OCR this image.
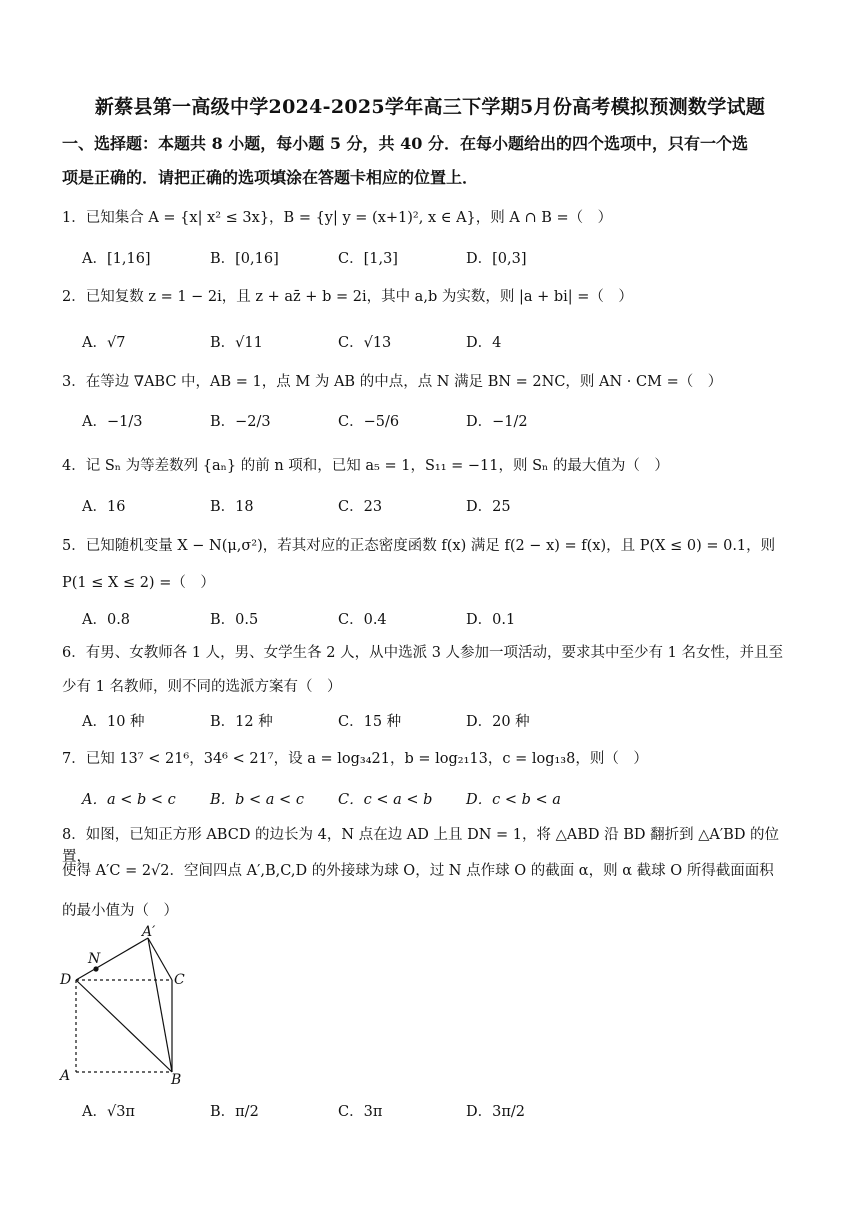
新蔡县第一高级中学2024-2025学年高三下学期5月份高考模拟预测数学试题
一、选择题：本题共 8 小题，每小题 5 分，共 40 分．在每小题给出的四个选项中，只有一个选
项是正确的．请把正确的选项填涂在答题卡相应的位置上．
1．已知集合 A = {x| x² ≤ 3x}，B = {y| y = (x+1)², x ∈ A}，则 A ∩ B =（　）
A．[1,16]	B．[0,16]	C．[1,3]	D．[0,3]
2．已知复数 z = 1 − 2i，且 z + az̄ + b = 2i，其中 a,b 为实数，则 |a + bi| =（　）
A．√7	B．√11	C．√13	D．4
3．在等边 ∇ABC 中，AB = 1，点 M 为 AB 的中点，点 N 满足 BN = 2NC，则 AN · CM =（　）
A．−1/3	B．−2/3	C．−5/6	D．−1/2
4．记 Sₙ 为等差数列 {aₙ} 的前 n 项和，已知 a₅ = 1，S₁₁ = −11，则 Sₙ 的最大值为（　）
A．16	B．18	C．23	D．25
5．已知随机变量 X − N(μ,σ²)，若其对应的正态密度函数 f(x) 满足 f(2 − x) = f(x)，且 P(X ≤ 0) = 0.1，则
P(1 ≤ X ≤ 2) =（　）
A．0.8	B．0.5	C．0.4	D．0.1
6．有男、女教师各 1 人，男、女学生各 2 人，从中选派 3 人参加一项活动，要求其中至少有 1 名女性，并且至
少有 1 名教师，则不同的选派方案有（　）
A．10 种	B．12 种	C．15 种	D．20 种
7．已知 13⁷ < 21⁶，34⁶ < 21⁷，设 a = log₃₄21，b = log₂₁13，c = log₁₃8，则（　）
A．a < b < c	B．b < a < c	C．c < a < b	D．c < b < a
8．如图，已知正方形 ABCD 的边长为 4，N 点在边 AD 上且 DN = 1，将 △ABD 沿 BD 翻折到 △A′BD 的位置，
使得 A′C = 2√2．空间四点 A′,B,C,D 的外接球为球 O，过 N 点作球 O 的截面 α，则 α 截球 O 所得截面面积
的最小值为（　）
A′
N
D	C
A	B
A．√3π	B．π/2	C．3π	D．3π/2
